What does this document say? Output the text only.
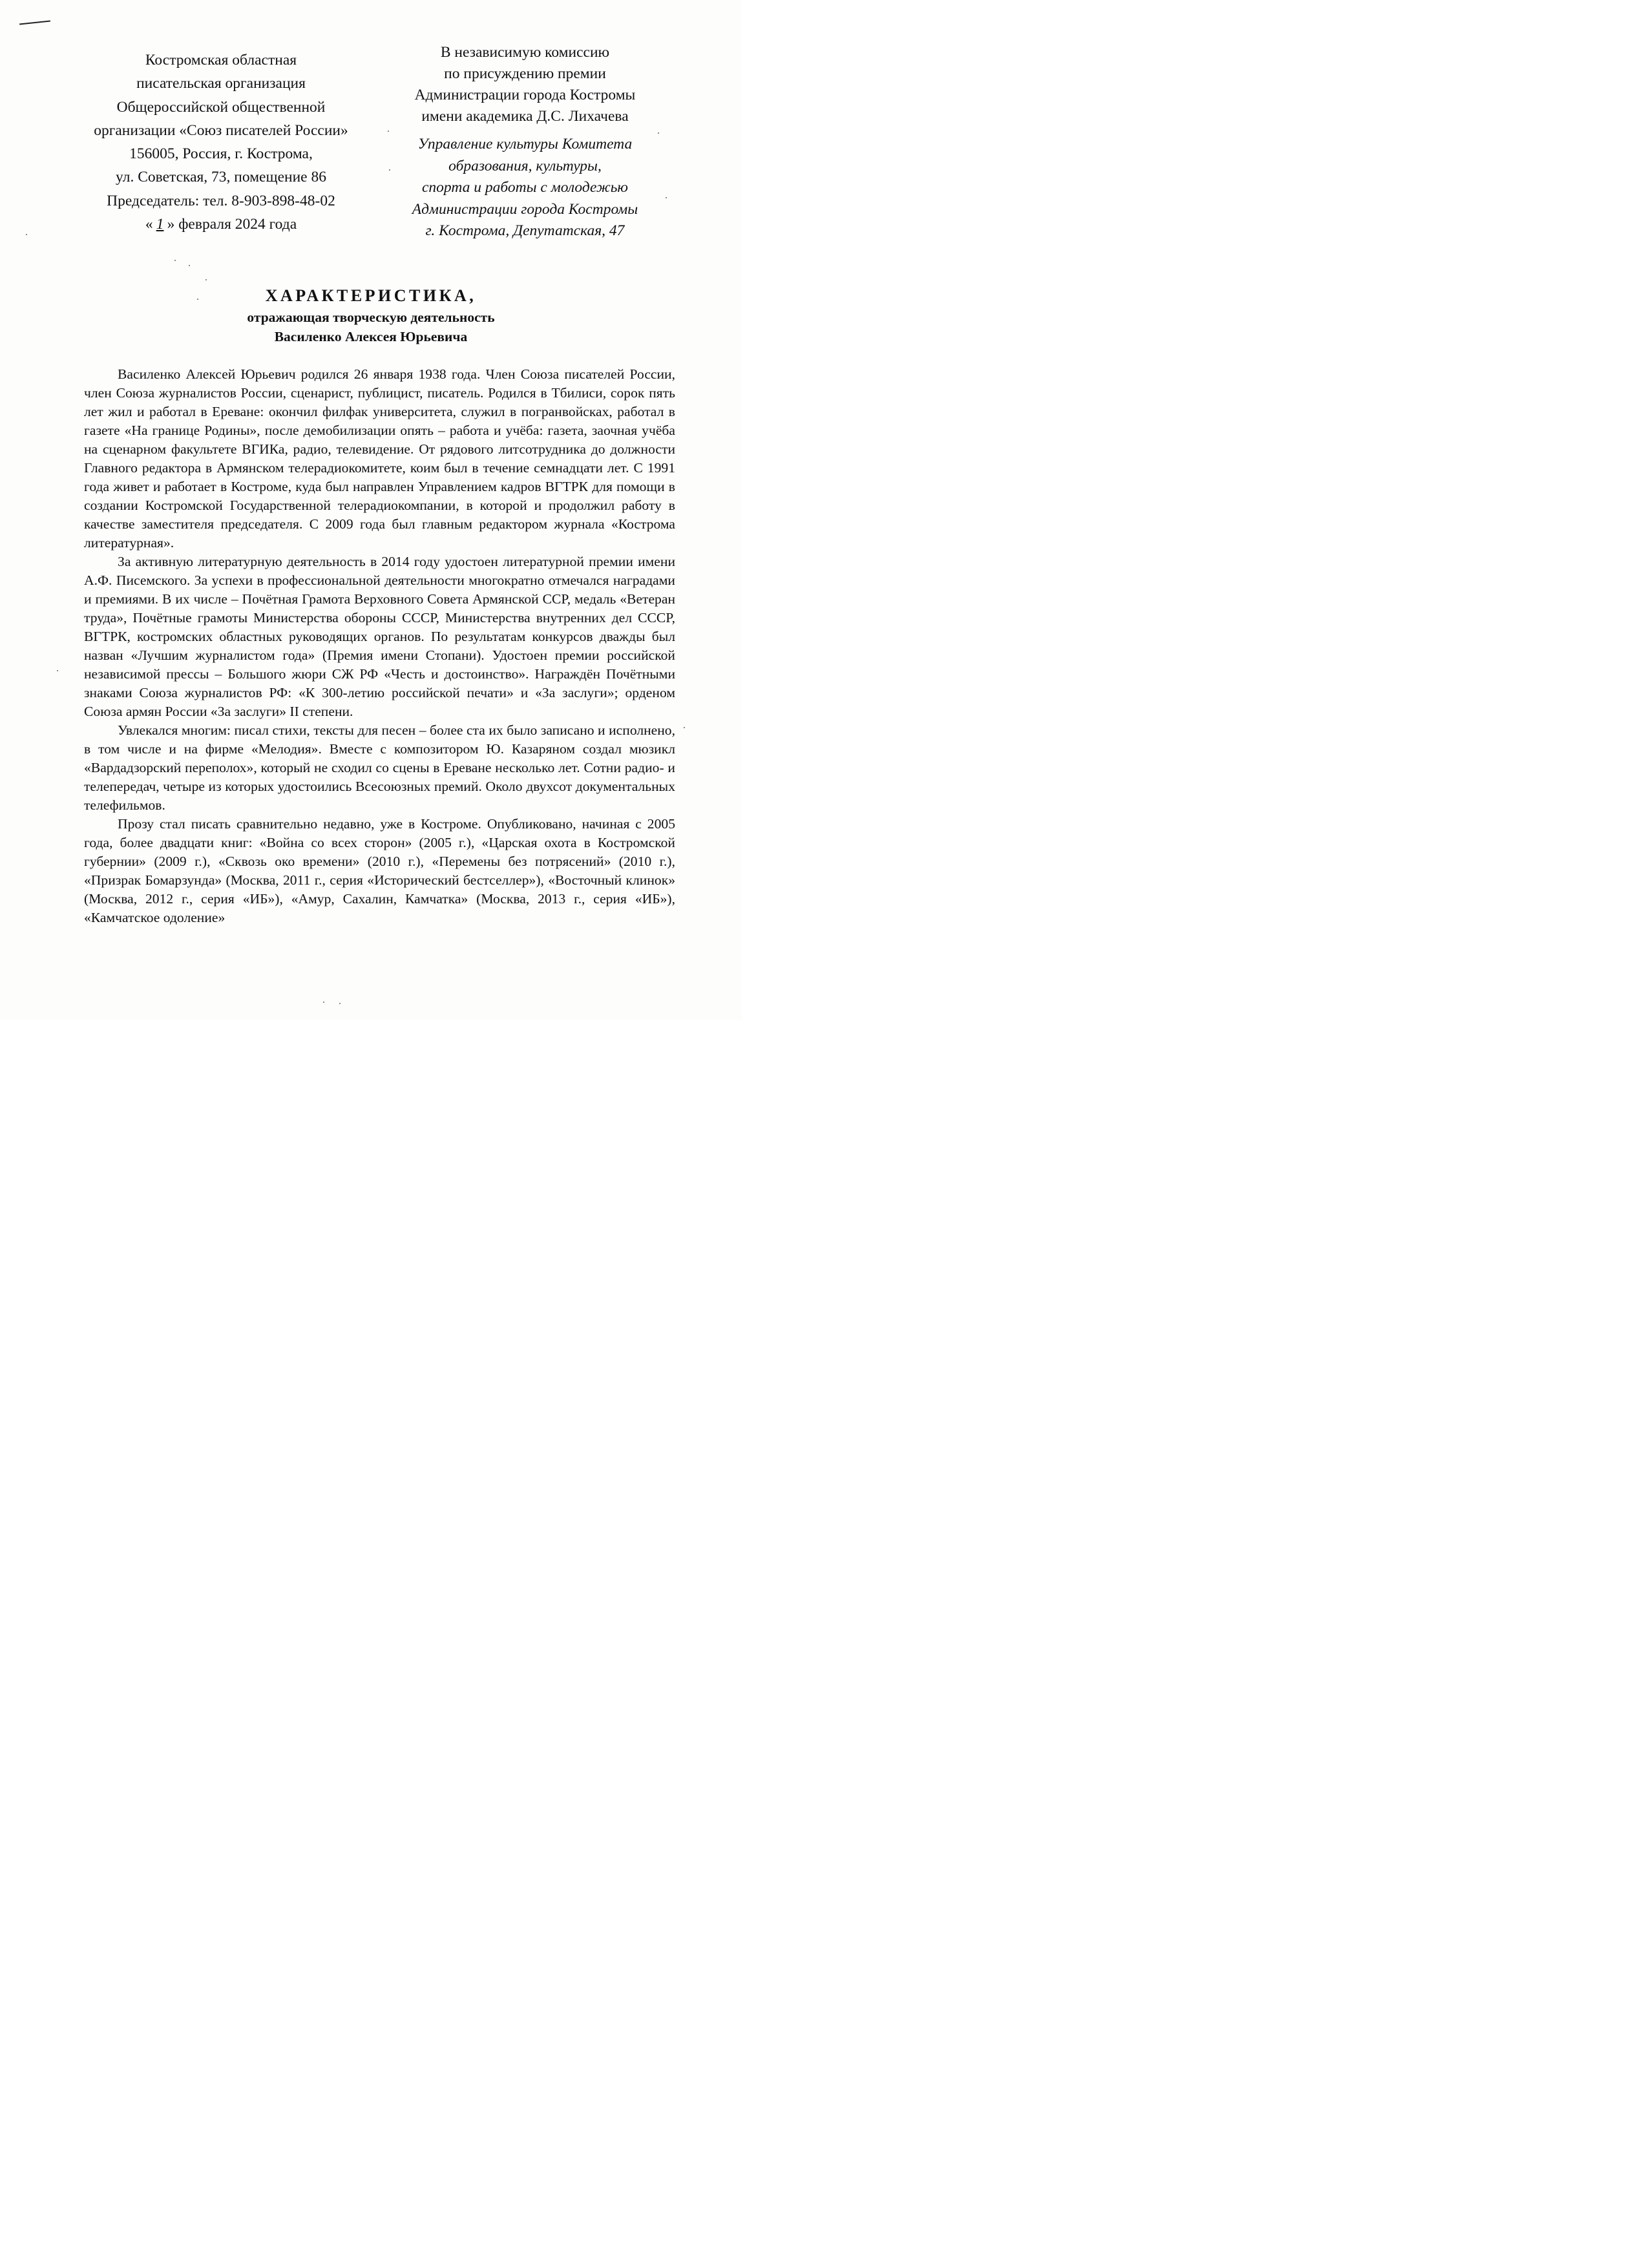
Костромская областная
писательская организация
Общероссийской общественной
организации «Союз писателей России»
156005, Россия, г. Кострома,
ул. Советская, 73, помещение 86
Председатель: тел. 8-903-898-48-02
« 1 » февраля 2024 года
В независимую комиссию
по присуждению премии
Администрации города Костромы
имени академика Д.С. Лихачева
Управление культуры Комитета
образования, культуры,
спорта и работы с молодежью
Администрации города Костромы
г. Кострома, Депутатская, 47
ХАРАКТЕРИСТИКА,
отражающая творческую деятельность
Василенко Алексея Юрьевича

Василенко Алексей Юрьевич родился 26 января 1938 года. Член Союза писателей России, член Союза журналистов России, сценарист, публицист, писатель. Родился в Тбилиси, сорок пять лет жил и работал в Ереване: окончил филфак университета, служил в погранвойсках, работал в газете «На границе Родины», после демобилизации опять – работа и учёба: газета, заочная учёба на сценарном факультете ВГИКа, радио, телевидение. От рядового литсотрудника до должности Главного редактора в Армянском телерадиокомитете, коим был в течение семнадцати лет. С 1991 года живет и работает в Костроме, куда был направлен Управлением кадров ВГТРК для помощи в создании Костромской Государственной телерадиокомпании, в которой и продолжил работу в качестве заместителя председателя. С 2009 года был главным редактором журнала «Кострома литературная».

За активную литературную деятельность в 2014 году удостоен литературной премии имени А.Ф. Писемского. За успехи в профессиональной деятельности многократно отмечался наградами и премиями. В их числе – Почётная Грамота Верховного Совета Армянской ССР, медаль «Ветеран труда», Почётные грамоты Министерства обороны СССР, Министерства внутренних дел СССР, ВГТРК, костромских областных руководящих органов. По результатам конкурсов дважды был назван «Лучшим журналистом года» (Премия имени Стопани). Удостоен премии российской независимой прессы – Большого жюри СЖ РФ «Честь и достоинство». Награждён Почётными знаками Союза журналистов РФ: «К 300-летию российской печати» и «За заслуги»; орденом Союза армян России «За заслуги» II степени.

Увлекался многим: писал стихи, тексты для песен – более ста их было записано и исполнено, в том числе и на фирме «Мелодия». Вместе с композитором Ю. Казаряном создал мюзикл «Вардадзорский переполох», который не сходил со сцены в Ереване несколько лет. Сотни радио- и телепередач, четыре из которых удостоились Всесоюзных премий. Около двухсот документальных телефильмов.

Прозу стал писать сравнительно недавно, уже в Костроме. Опубликовано, начиная с 2005 года, более двадцати книг: «Война со всех сторон» (2005 г.), «Царская охота в Костромской губернии» (2009 г.), «Сквозь око времени» (2010 г.), «Перемены без потрясений» (2010 г.), «Призрак Бомарзунда» (Москва, 2011 г., серия «Исторический бестселлер»), «Восточный клинок» (Москва, 2012 г., серия «ИБ»), «Амур, Сахалин, Камчатка» (Москва, 2013 г., серия «ИБ»), «Камчатское одоление»
